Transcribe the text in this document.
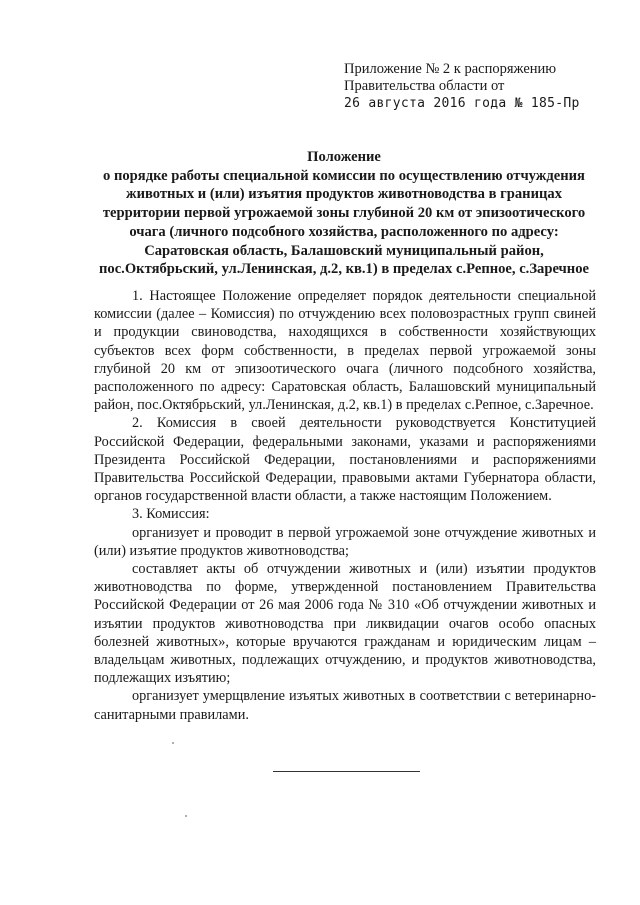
Приложение № 2 к распоряжению
Правительства области от
26 августа 2016 года № 185-Пр
Положение
о порядке работы специальной комиссии по осуществлению отчуждения
животных и (или) изъятия продуктов животноводства в границах
территории первой угрожаемой зоны глубиной 20 км от эпизоотического
очага (личного подсобного хозяйства, расположенного по адресу:
Саратовская область, Балашовский муниципальный район,
пос.Октябрьский, ул.Ленинская, д.2, кв.1) в пределах с.Репное, с.Заречное

1. Настоящее Положение определяет порядок деятельности специальной комиссии (далее – Комиссия) по отчуждению всех половозрастных групп свиней и продукции свиноводства, находящихся в собственности хозяйствующих субъектов всех форм собственности, в пределах первой угрожаемой зоны глубиной 20 км от эпизоотического очага (личного подсобного хозяйства, расположенного по адресу: Саратовская область, Балашовский муниципальный район, пос.Октябрьский, ул.Ленинская, д.2, кв.1) в пределах с.Репное, с.Заречное.

2. Комиссия в своей деятельности руководствуется Конституцией Российской Федерации, федеральными законами, указами и распоряжениями Президента Российской Федерации, постановлениями и распоряжениями Правительства Российской Федерации, правовыми актами Губернатора области, органов государственной власти области, а также настоящим Положением.

3. Комиссия:

организует и проводит в первой угрожаемой зоне отчуждение животных и (или) изъятие продуктов животноводства;

составляет акты об отчуждении животных и (или) изъятии продуктов животноводства по форме, утвержденной постановлением Правительства Российской Федерации от 26 мая 2006 года № 310 «Об отчуждении животных и изъятии продуктов животноводства при ликвидации очагов особо опасных болезней животных», которые вручаются гражданам и юридическим лицам – владельцам животных, подлежащих отчуждению, и продуктов животноводства, подлежащих изъятию;

организует умерщвление изъятых животных в соответствии с ветеринарно-санитарными правилами.
